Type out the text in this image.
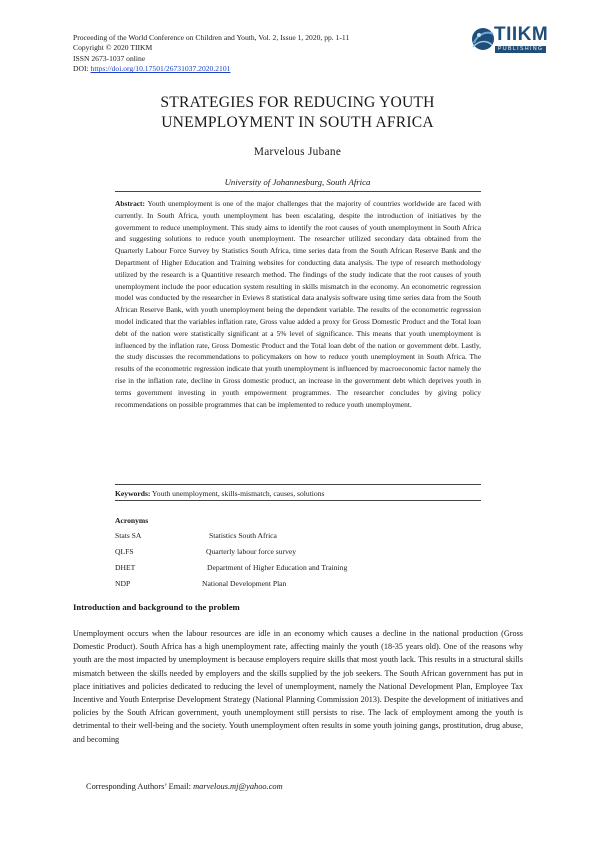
Proceeding of the World Conference on Children and Youth, Vol. 2, Issue 1, 2020, pp. 1-11
Copyright © 2020 TIIKM
ISSN 2673-1037 online
DOI: https://doi.org/10.17501/26731037.2020.2101
TIIKM
PUBLISHING
STRATEGIES FOR REDUCING YOUTH
UNEMPLOYMENT IN SOUTH AFRICA
Marvelous Jubane
University of Johannesburg, South Africa
Abstract: Youth unemployment is one of the major challenges that the majority of countries worldwide are faced with currently. In South Africa, youth unemployment has been escalating, despite the introduction of initiatives by the government to reduce unemployment. This study aims to identify the root causes of youth unemployment in South Africa and suggesting solutions to reduce youth unemployment. The researcher utilized secondary data obtained from the Quarterly Labour Force Survey by Statistics South Africa, time series data from the South African Reserve Bank and the Department of Higher Education and Training websites for conducting data analysis. The type of research methodology utilized by the research is a Quantitive research method. The findings of the study indicate that the root causes of youth unemployment include the poor education system resulting in skills mismatch in the economy. An econometric regression model was conducted by the researcher in Eviews 8 statistical data analysis software using time series data from the South African Reserve Bank, with youth unemployment being the dependent variable. The results of the econometric regression model indicated that the variables inflation rate, Gross value added a proxy for Gross Domestic Product and the Total loan debt of the nation were statistically significant at a 5% level of significance. This means that youth unemployment is influenced by the inflation rate, Gross Domestic Product and the Total loan debt of the nation or government debt. Lastly, the study discusses the recommendations to policymakers on how to reduce youth unemployment in South Africa. The results of the econometric regression indicate that youth unemployment is influenced by macroeconomic factor namely the rise in the inflation rate, decline in Gross domestic product, an increase in the government debt which deprives youth in terms government investing in youth empowerment programmes. The researcher concludes by giving policy recommendations on possible programmes that can be implemented to reduce youth unemployment.
Keywords: Youth unemployment, skills-mismatch, causes, solutions
Acronyms
Stats SA	Statistics South Africa
QLFS	Quarterly labour force survey
DHET	Department of Higher Education and Training
NDP	National Development Plan
Introduction and background to the problem
Unemployment occurs when the labour resources are idle in an economy which causes a decline in the national production (Gross Domestic Product). South Africa has a high unemployment rate, affecting mainly the youth (18-35 years old). One of the reasons why youth are the most impacted by unemployment is because employers require skills that most youth lack. This results in a structural skills mismatch between the skills needed by employers and the skills supplied by the job seekers. The South African government has put in place initiatives and policies dedicated to reducing the level of unemployment, namely the National Development Plan, Employee Tax Incentive and Youth Enterprise Development Strategy (National Planning Commission 2013). Despite the development of initiatives and policies by the South African government, youth unemployment still persists to rise. The lack of employment among the youth is detrimental to their well-being and the society. Youth unemployment often results in some youth joining gangs, prostitution, drug abuse, and becoming
Corresponding Authors’ Email: marvelous.mj@yahoo.com
